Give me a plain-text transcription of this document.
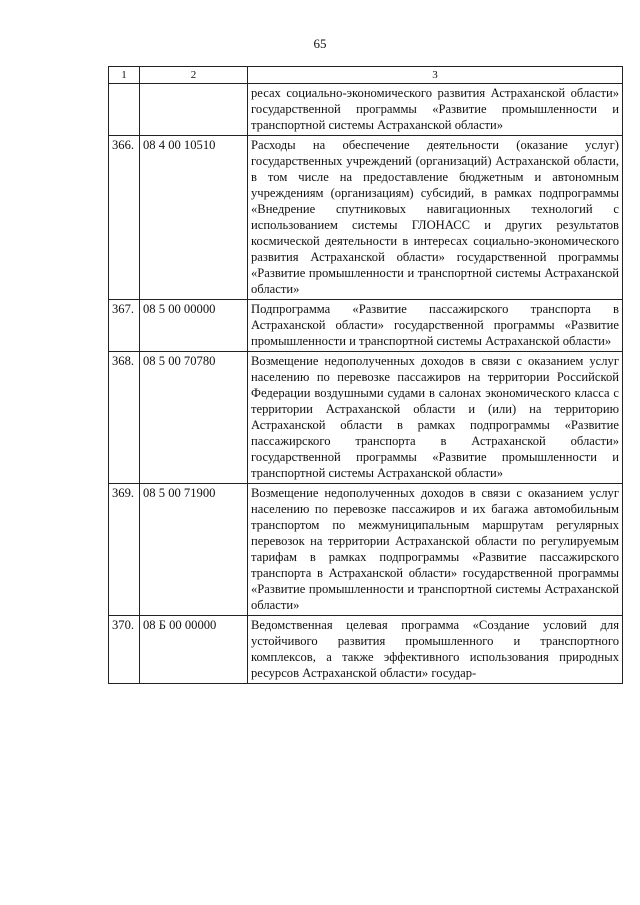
65
1	2	3
		ресах социально-экономического развития Астраханской области» государственной программы «Развитие промышленности и транспортной системы Астраханской области»
366.	08 4 00 10510	Расходы на обеспечение деятельности (оказание услуг) государственных учреждений (организаций) Астраханской области, в том числе на предоставление бюджетным и автономным учреждениям (организациям) субсидий, в рамках подпрограммы «Внедрение спутниковых навигационных технологий с использованием системы ГЛОНАСС и других результатов космической деятельности в интересах социально-экономического развития Астраханской области» государственной программы «Развитие промышленности и транспортной системы Астраханской области»
367.	08 5 00 00000	Подпрограмма «Развитие пассажирского транспорта в Астраханской области» государственной программы «Развитие промышленности и транспортной системы Астраханской области»
368.	08 5 00 70780	Возмещение недополученных доходов в связи с оказанием услуг населению по перевозке пассажиров на территории Российской Федерации воздушными судами в салонах экономического класса с территории Астраханской области и (или) на территорию Астраханской области в рамках подпрограммы «Развитие пассажирского транспорта в Астраханской области» государственной программы «Развитие промышленности и транспортной системы Астраханской области»
369.	08 5 00 71900	Возмещение недополученных доходов в связи с оказанием услуг населению по перевозке пассажиров и их багажа автомобильным транспортом по межмуниципальным маршрутам регулярных перевозок на территории Астраханской области по регулируемым тарифам в рамках подпрограммы «Развитие пассажирского транспорта в Астраханской области» государственной программы «Развитие промышленности и транспортной системы Астраханской области»
370.	08 Б 00 00000	Ведомственная целевая программа «Создание условий для устойчивого развития промышленного и транспортного комплексов, а также эффективного использования природных ресурсов Астраханской области» государ-
